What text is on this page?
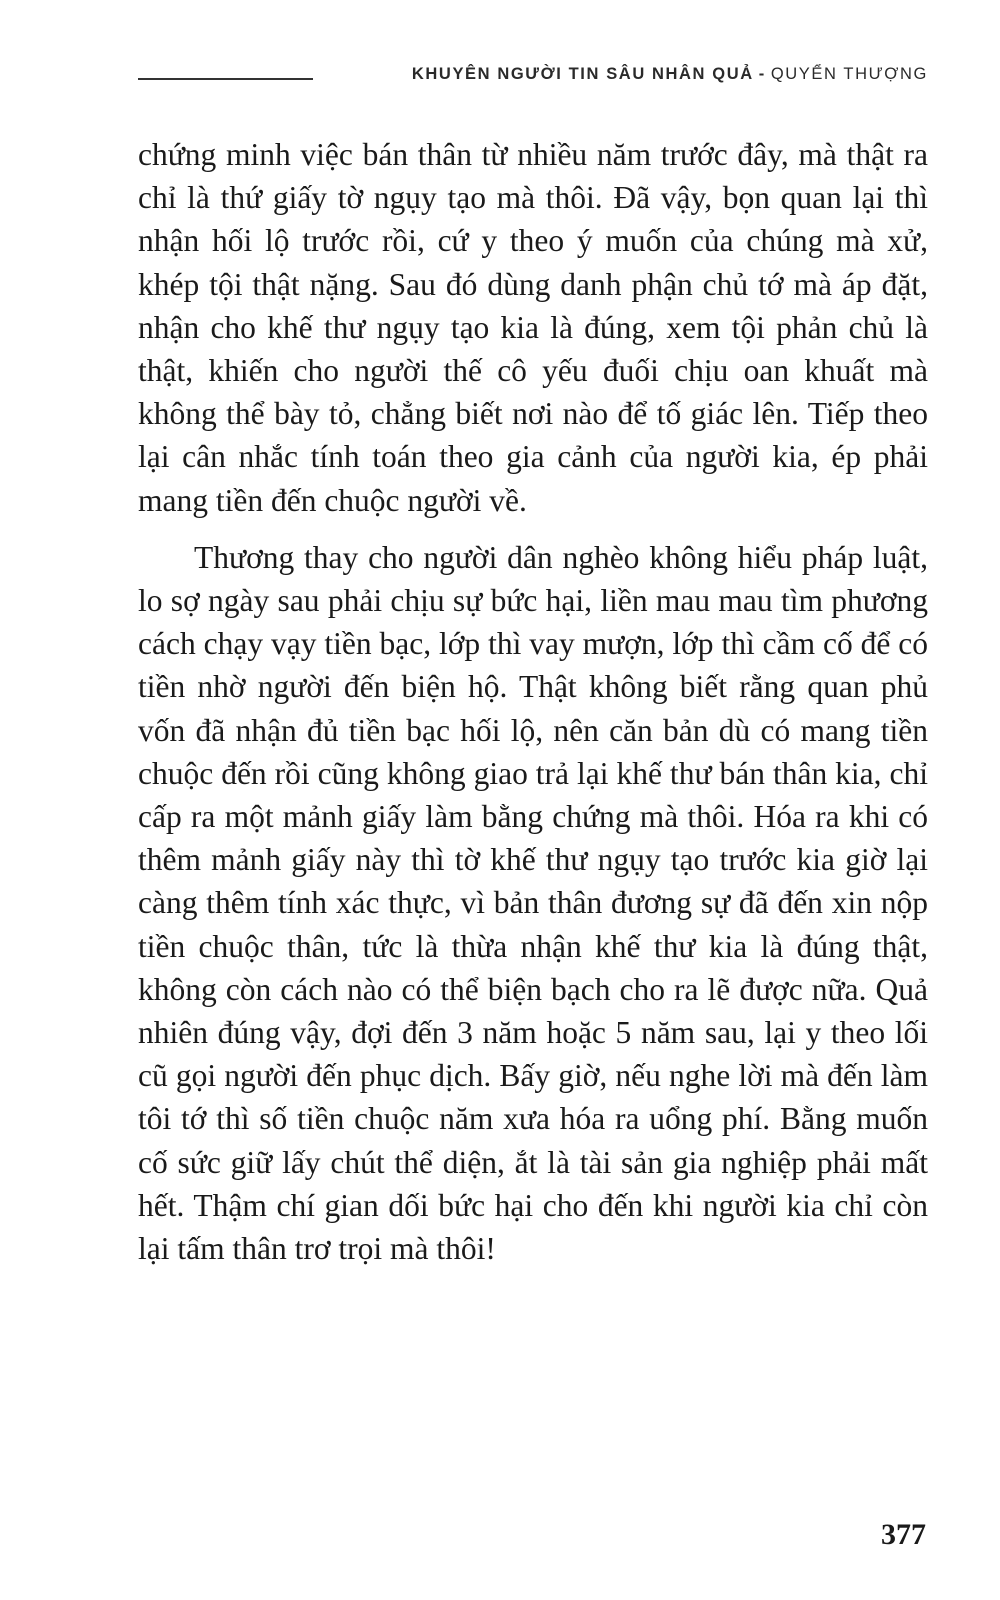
KHUYÊN NGƯỜI TIN SÂU NHÂN QUẢ - QUYỂN THƯỢNG

chứng minh việc bán thân từ nhiều năm trước đây, mà thật ra chỉ là thứ giấy tờ ngụy tạo mà thôi. Đã vậy, bọn quan lại thì nhận hối lộ trước rồi, cứ y theo ý muốn của chúng mà xử, khép tội thật nặng. Sau đó dùng danh phận chủ tớ mà áp đặt, nhận cho khế thư ngụy tạo kia là đúng, xem tội phản chủ là thật, khiến cho người thế cô yếu đuối chịu oan khuất mà không thể bày tỏ, chẳng biết nơi nào để tố giác lên. Tiếp theo lại cân nhắc tính toán theo gia cảnh của người kia, ép phải mang tiền đến chuộc người về.

Thương thay cho người dân nghèo không hiểu pháp luật, lo sợ ngày sau phải chịu sự bức hại, liền mau mau tìm phương cách chạy vạy tiền bạc, lớp thì vay mượn, lớp thì cầm cố để có tiền nhờ người đến biện hộ. Thật không biết rằng quan phủ vốn đã nhận đủ tiền bạc hối lộ, nên căn bản dù có mang tiền chuộc đến rồi cũng không giao trả lại khế thư bán thân kia, chỉ cấp ra một mảnh giấy làm bằng chứng mà thôi. Hóa ra khi có thêm mảnh giấy này thì tờ khế thư ngụy tạo trước kia giờ lại càng thêm tính xác thực, vì bản thân đương sự đã đến xin nộp tiền chuộc thân, tức là thừa nhận khế thư kia là đúng thật, không còn cách nào có thể biện bạch cho ra lẽ được nữa. Quả nhiên đúng vậy, đợi đến 3 năm hoặc 5 năm sau, lại y theo lối cũ gọi người đến phục dịch. Bấy giờ, nếu nghe lời mà đến làm tôi tớ thì số tiền chuộc năm xưa hóa ra uổng phí. Bằng muốn cố sức giữ lấy chút thể diện, ắt là tài sản gia nghiệp phải mất hết. Thậm chí gian dối bức hại cho đến khi người kia chỉ còn lại tấm thân trơ trọi mà thôi!

377
